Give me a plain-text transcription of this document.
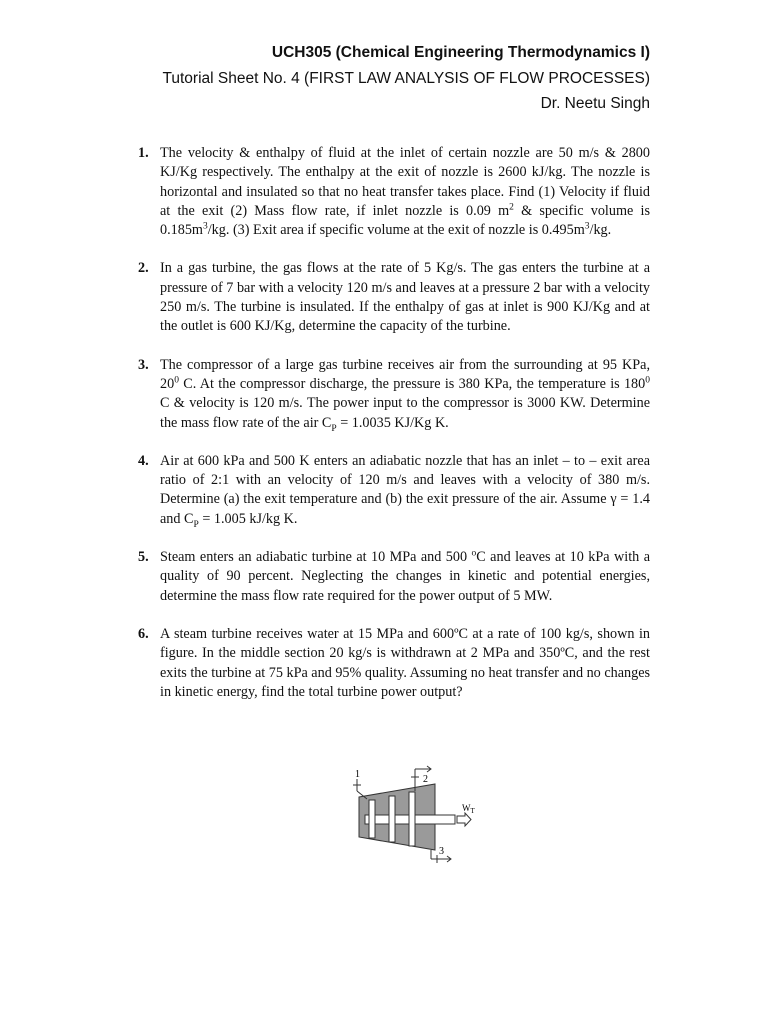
UCH305 (Chemical Engineering Thermodynamics I)
Tutorial Sheet No. 4 (FIRST LAW ANALYSIS OF FLOW PROCESSES)
Dr. Neetu Singh
1. The velocity & enthalpy of fluid at the inlet of certain nozzle are 50 m/s & 2800 KJ/Kg respectively. The enthalpy at the exit of nozzle is 2600 kJ/kg. The nozzle is horizontal and insulated so that no heat transfer takes place. Find (1) Velocity if fluid at the exit (2) Mass flow rate, if inlet nozzle is 0.09 $m^2$ & specific volume is $0.185m^3/kg$. (3) Exit area if specific volume at the exit of nozzle is $0.495m^3/kg$.
2. In a gas turbine, the gas flows at the rate of 5 Kg/s. The gas enters the turbine at a pressure of 7 bar with a velocity 120 m/s and leaves at a pressure 2 bar with a velocity 250 m/s. The turbine is insulated. If the enthalpy of gas at inlet is 900 KJ/Kg and at the outlet is 600 KJ/Kg, determine the capacity of the turbine.
3. The compressor of a large gas turbine receives air from the surrounding at 95 KPa, $20^0$ C. At the compressor discharge, the pressure is 380 KPa, the temperature is $180^0$ C & velocity is 120 m/s. The power input to the compressor is 3000 KW. Determine the mass flow rate of the air $C_P = 1.0035$ KJ/Kg K.
4. Air at 600 kPa and 500 K enters an adiabatic nozzle that has an inlet – to – exit area ratio of 2:1 with an velocity of 120 m/s and leaves with a velocity of 380 m/s. Determine (a) the exit temperature and (b) the exit pressure of the air. Assume γ = 1.4 and $C_P = 1.005$ kJ/kg K.
5. Steam enters an adiabatic turbine at 10 MPa and 500 $^o$C and leaves at 10 kPa with a quality of 90 percent. Neglecting the changes in kinetic and potential energies, determine the mass flow rate required for the power output of 5 MW.
6. A steam turbine receives water at 15 MPa and 600ºC at a rate of 100 kg/s, shown in figure. In the middle section 20 kg/s is withdrawn at 2 MPa and 350ºC, and the rest exits the turbine at 75 kPa and 95% quality. Assuming no heat transfer and no changes in kinetic energy, find the total turbine power output?
1	2
$W_T$
3
